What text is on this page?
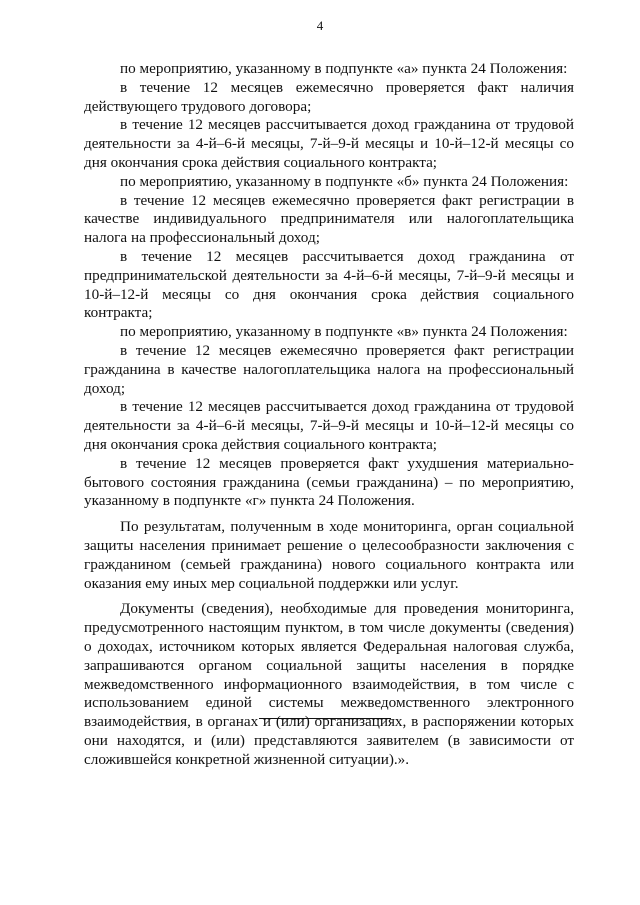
4

по мероприятию, указанному в подпункте «а» пункта 24 Положения:

в течение 12 месяцев ежемесячно проверяется факт наличия действующего трудового договора;

в течение 12 месяцев рассчитывается доход гражданина от трудовой деятельности за 4-й–6-й месяцы, 7-й–9-й месяцы и 10-й–12-й месяцы со дня окончания срока действия социального контракта;

по мероприятию, указанному в подпункте «б» пункта 24 Положения:

в течение 12 месяцев ежемесячно проверяется факт регистрации в качестве индивидуального предпринимателя или налогоплательщика налога на профессиональный доход;

в течение 12 месяцев рассчитывается доход гражданина от предпринимательской деятельности за 4-й–6-й месяцы, 7-й–9-й месяцы и 10-й–12-й месяцы со дня окончания срока действия социального контракта;

по мероприятию, указанному в подпункте «в» пункта 24 Положения:

в течение 12 месяцев ежемесячно проверяется факт регистрации гражданина в качестве налогоплательщика налога на профессиональный доход;

в течение 12 месяцев рассчитывается доход гражданина от трудовой деятельности за 4-й–6-й месяцы, 7-й–9-й месяцы и 10-й–12-й месяцы со дня окончания срока действия социального контракта;

в течение 12 месяцев проверяется факт ухудшения материально-бытового состояния гражданина (семьи гражданина) – по мероприятию, указанному в подпункте «г» пункта 24 Положения.

По результатам, полученным в ходе мониторинга, орган социальной защиты населения принимает решение о целесообразности заключения с гражданином (семьей гражданина) нового социального контракта или оказания ему иных мер социальной поддержки или услуг.

Документы (сведения), необходимые для проведения мониторинга, предусмотренного настоящим пунктом, в том числе документы (сведения) о доходах, источником которых является Федеральная налоговая служба, запрашиваются органом социальной защиты населения в порядке межведомственного информационного взаимодействия, в том числе с использованием единой системы межведомственного электронного взаимодействия, в органах и (или) организациях, в распоряжении которых они находятся, и (или) представляются заявителем (в зависимости от сложившейся конкретной жизненной ситуации).».
